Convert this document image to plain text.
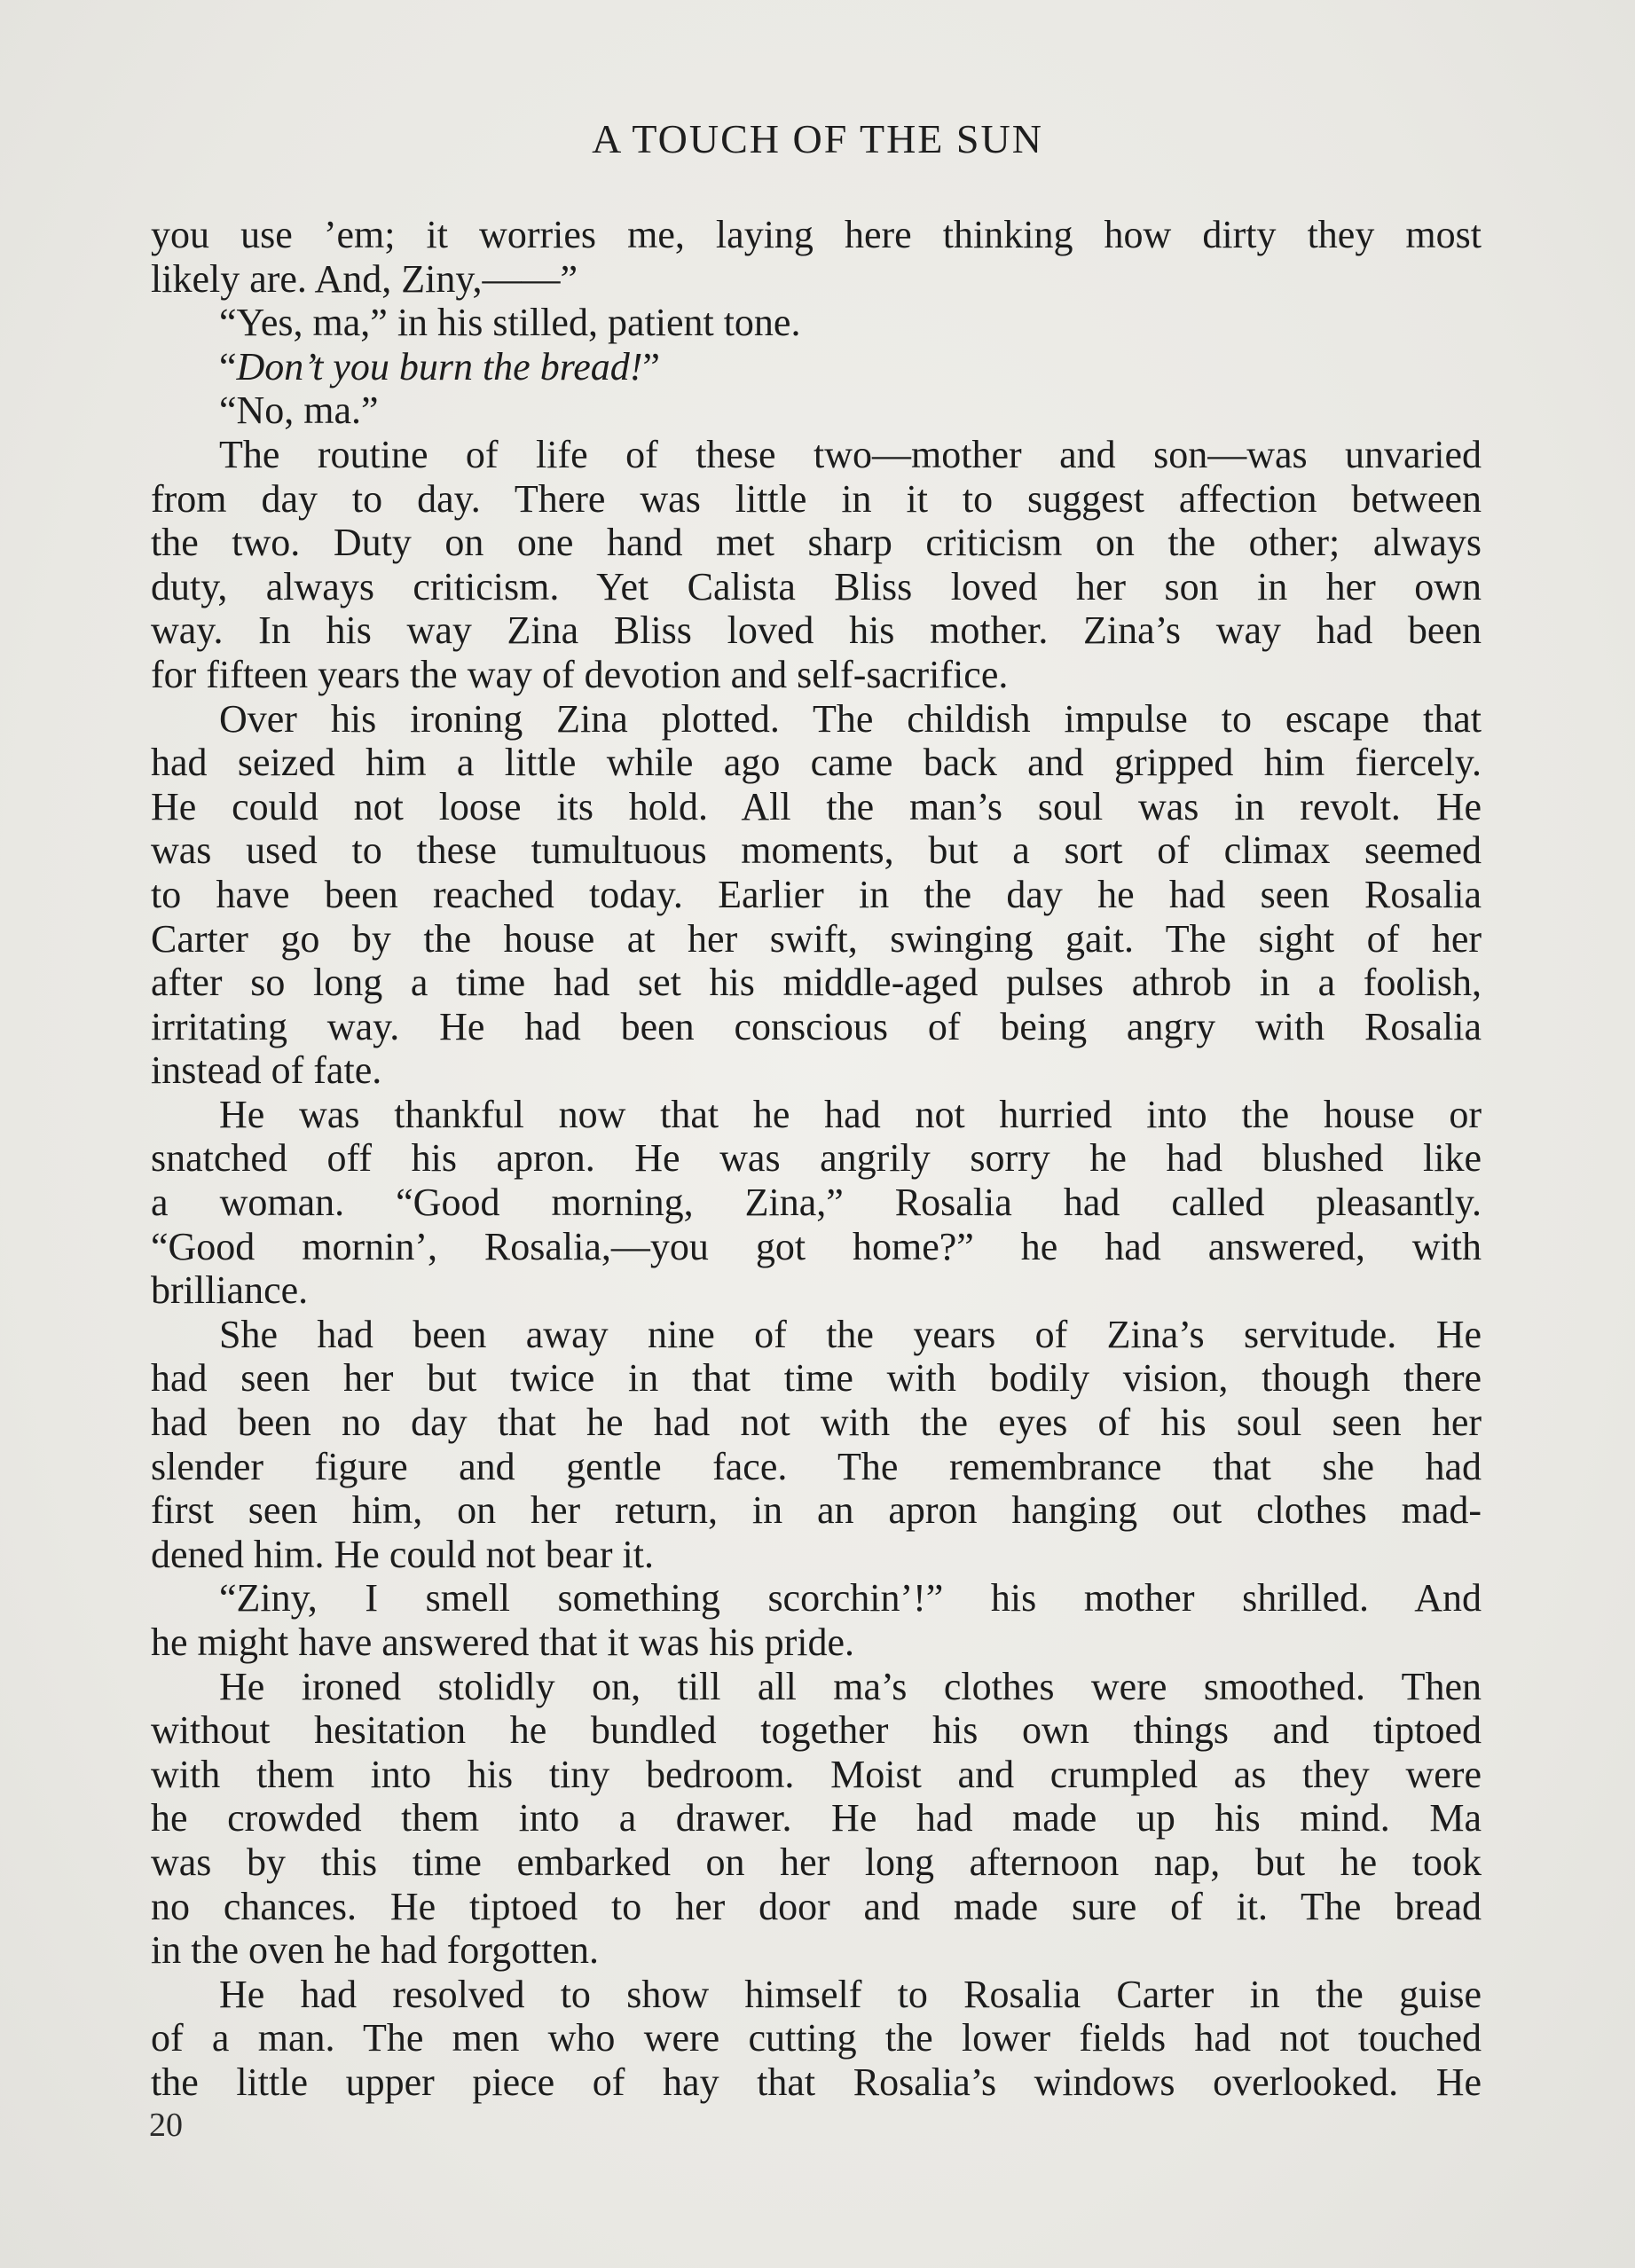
A TOUCH OF THE SUN
you use ’em; it worries me, laying here thinking how dirty they most
likely are. And, Ziny,——”
“Yes, ma,” in his stilled, patient tone.
“Don’t you burn the bread!”
“No, ma.”
The routine of life of these two—mother and son—was unvaried
from day to day. There was little in it to suggest affection between
the two. Duty on one hand met sharp criticism on the other; always
duty, always criticism. Yet Calista Bliss loved her son in her own
way. In his way Zina Bliss loved his mother. Zina’s way had been
for fifteen years the way of devotion and self-sacrifice.
Over his ironing Zina plotted. The childish impulse to escape that
had seized him a little while ago came back and gripped him fiercely.
He could not loose its hold. All the man’s soul was in revolt. He
was used to these tumultuous moments, but a sort of climax seemed
to have been reached today. Earlier in the day he had seen Rosalia
Carter go by the house at her swift, swinging gait. The sight of her
after so long a time had set his middle-aged pulses athrob in a foolish,
irritating way. He had been conscious of being angry with Rosalia
instead of fate.
He was thankful now that he had not hurried into the house or
snatched off his apron. He was angrily sorry he had blushed like
a woman. “Good morning, Zina,” Rosalia had called pleasantly.
“Good mornin’, Rosalia,—you got home?” he had answered, with
brilliance.
She had been away nine of the years of Zina’s servitude. He
had seen her but twice in that time with bodily vision, though there
had been no day that he had not with the eyes of his soul seen her
slender figure and gentle face. The remembrance that she had
first seen him, on her return, in an apron hanging out clothes mad-
dened him. He could not bear it.
“Ziny, I smell something scorchin’!” his mother shrilled. And
he might have answered that it was his pride.
He ironed stolidly on, till all ma’s clothes were smoothed. Then
without hesitation he bundled together his own things and tiptoed
with them into his tiny bedroom. Moist and crumpled as they were
he crowded them into a drawer. He had made up his mind. Ma
was by this time embarked on her long afternoon nap, but he took
no chances. He tiptoed to her door and made sure of it. The bread
in the oven he had forgotten.
He had resolved to show himself to Rosalia Carter in the guise
of a man. The men who were cutting the lower fields had not touched
the little upper piece of hay that Rosalia’s windows overlooked. He
20
